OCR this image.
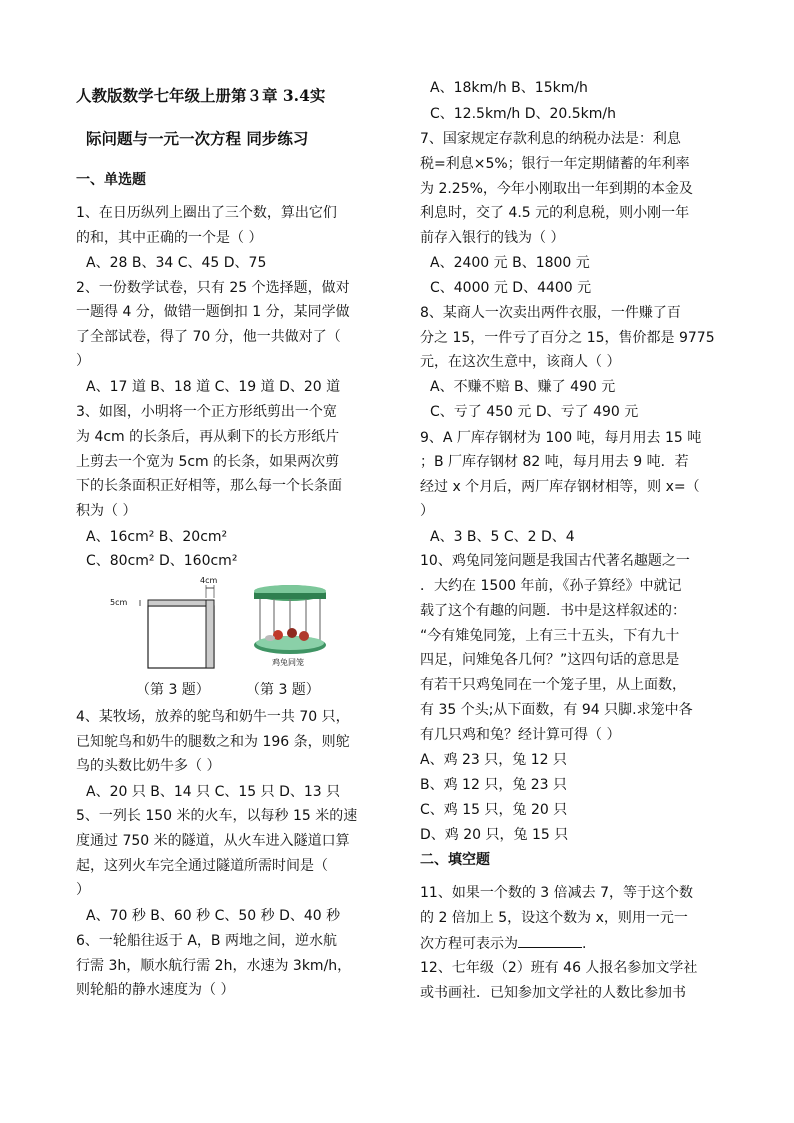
人教版数学七年级上册第３章 3.4实
际问题与一元一次方程 同步练习
一、单选题
1、在日历纵列上圈出了三个数，算出它们
的和，其中正确的一个是（ ）
A、28 B、34 C、45 D、75
2、一份数学试卷，只有 25 个选择题，做对
一题得 4 分，做错一题倒扣 1 分，某同学做
了全部试卷，得了 70 分，他一共做对了（
）
A、17 道 B、18 道 C、19 道 D、20 道
3、如图，小明将一个正方形纸剪出一个宽
为 4cm 的长条后，再从剩下的长方形纸片
上剪去一个宽为 5cm 的长条，如果两次剪
下的长条面积正好相等，那么每一个长条面
积为（ ）
A、16cm² B、20cm²
C、80cm² D、160cm²
5cm
4cm
鸡兔同笼
（第 3 题）	（第 3 题）
4、某牧场，放养的鸵鸟和奶牛一共 70 只，
已知鸵鸟和奶牛的腿数之和为 196 条，则鸵
鸟的头数比奶牛多（ ）
A、20 只 B、14 只 C、15 只 D、13 只
5、一列长 150 米的火车，以每秒 15 米的速
度通过 750 米的隧道，从火车进入隧道口算
起，这列火车完全通过隧道所需时间是（
）
A、70 秒 B、60 秒 C、50 秒 D、40 秒
6、一轮船往返于 A，B 两地之间，逆水航
行需 3h，顺水航行需 2h，水速为 3km/h，
则轮船的静水速度为（ ）
A、18km/h B、15km/h
C、12.5km/h D、20.5km/h
7、国家规定存款利息的纳税办法是：利息
税=利息×5%；银行一年定期储蓄的年利率
为 2.25%，今年小刚取出一年到期的本金及
利息时，交了 4.5 元的利息税，则小刚一年
前存入银行的钱为（ ）
A、2400 元 B、1800 元
C、4000 元 D、4400 元
8、某商人一次卖出两件衣服，一件赚了百
分之 15，一件亏了百分之 15，售价都是 9775
元，在这次生意中，该商人（ ）
A、不赚不赔 B、赚了 490 元
C、亏了 450 元 D、亏了 490 元
9、A 厂库存钢材为 100 吨，每月用去 15 吨
；B 厂库存钢材 82 吨，每月用去 9 吨．若
经过 x 个月后，两厂库存钢材相等，则 x=（
）
A、3 B、5 C、2 D、4
10、鸡兔同笼问题是我国古代著名趣题之一
．大约在 1500 年前，《孙子算经》中就记
载了这个有趣的问题．书中是这样叙述的：
“今有雉兔同笼，上有三十五头，下有九十
四足，问雉兔各几何？”这四句话的意思是
有若干只鸡兔同在一个笼子里，从上面数，
有 35 个头;从下面数，有 94 只脚.求笼中各
有几只鸡和兔？经计算可得（ ）
A、鸡 23 只，兔 12 只
B、鸡 12 只，兔 23 只
C、鸡 15 只，兔 20 只
D、鸡 20 只，兔 15 只
二、填空题
11、如果一个数的 3 倍减去 7，等于这个数
的 2 倍加上 5，设这个数为 x，则用一元一
次方程可表示为	.
12、七年级（2）班有 46 人报名参加文学社
或书画社．已知参加文学社的人数比参加书
